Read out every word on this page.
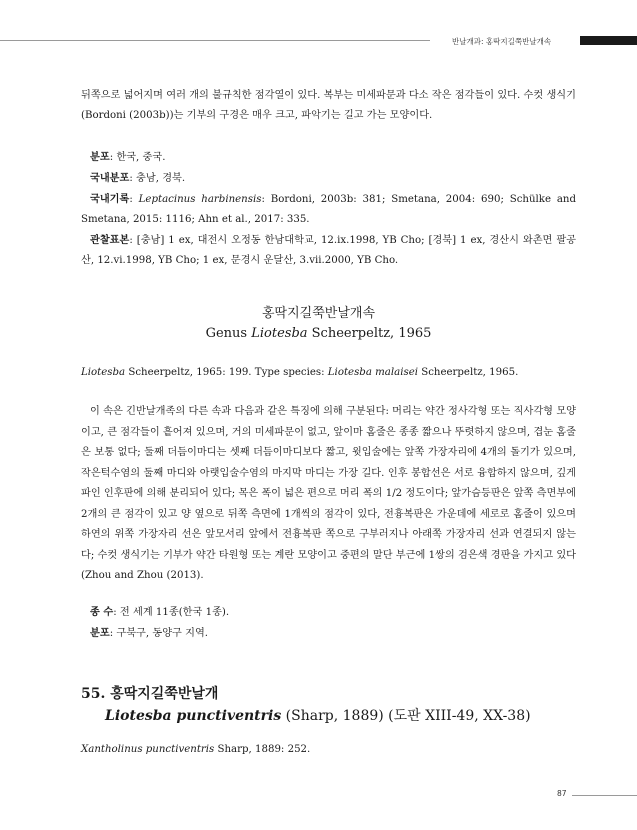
반날개과: 홍딱지길쭉반날개속

뒤쪽으로 넓어지며 여러 개의 불규칙한 점각열이 있다. 복부는 미세파문과 다소 작은 점각들이 있다. 수컷 생식기(Bordoni (2003b))는 기부의 구경은 매우 크고, 파악기는 길고 가는 모양이다.

분포: 한국, 중국.

국내분포: 충남, 경북.

국내기록: Leptacinus harbinensis: Bordoni, 2003b: 381; Smetana, 2004: 690; Schülke and Smetana, 2015: 1116; Ahn et al., 2017: 335.

관찰표본: [충남] 1 ex, 대전시 오정동 한남대학교, 12.ix.1998, YB Cho; [경북] 1 ex, 경산시 와촌면 팔공산, 12.vi.1998, YB Cho; 1 ex, 문경시 운달산, 3.vii.2000, YB Cho.

홍딱지길쭉반날개속
Genus Liotesba Scheerpeltz, 1965

Liotesba Scheerpeltz, 1965: 199. Type species: Liotesba malaisei Scheerpeltz, 1965.

이 속은 긴반날개족의 다른 속과 다음과 같은 특징에 의해 구분된다: 머리는 약간 정사각형 또는 직사각형 모양이고, 큰 점각들이 흩어져 있으며, 거의 미세파문이 없고, 앞이마 홈줄은 종종 짧으나 뚜렷하지 않으며, 겹눈 홈줄은 보통 없다; 둘째 더듬이마디는 셋째 더듬이마디보다 짧고, 윗입술에는 앞쪽 가장자리에 4개의 돌기가 있으며, 작은턱수염의 둘째 마디와 아랫입술수염의 마지막 마디는 가장 길다. 인후 봉합선은 서로 융합하지 않으며, 깊게 파인 인후판에 의해 분리되어 있다; 목은 폭이 넓은 편으로 머리 폭의 1/2 정도이다; 앞가슴등판은 앞쪽 측면부에 2개의 큰 점각이 있고 양 옆으로 뒤쪽 측면에 1개씩의 점각이 있다, 전흉복판은 가운데에 세로로 홈줄이 있으며 하연의 위쪽 가장자리 선은 앞모서리 앞에서 전흉복판 쪽으로 구부러지나 아래쪽 가장자리 선과 연결되지 않는다; 수컷 생식기는 기부가 약간 타원형 또는 계란 모양이고 중편의 말단 부근에 1쌍의 검은색 경판을 가지고 있다(Zhou and Zhou (2013).

종 수: 전 세계 11종(한국 1종).

분포: 구북구, 동양구 지역.

55. 홍딱지길쭉반날개
Liotesba punctiventris (Sharp, 1889) (도판 XIII-49, XX-38)

Xantholinus punctiventris Sharp, 1889: 252.

87
